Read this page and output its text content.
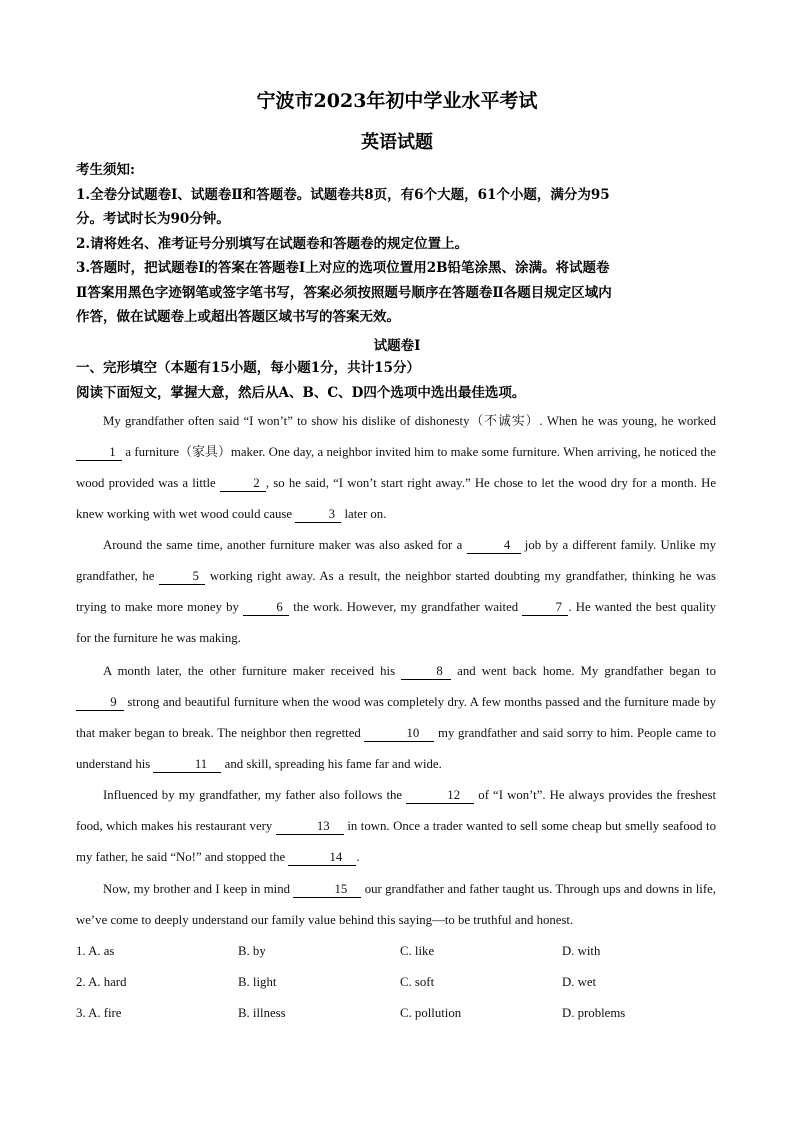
宁波市2023年初中学业水平考试
英语试题
考生须知:
1.全卷分试题卷Ⅰ、试题卷Ⅱ和答题卷。试题卷共8页，有6个大题，61个小题，满分为95
分。考试时长为90分钟。
2.请将姓名、准考证号分别填写在试题卷和答题卷的规定位置上。
3.答题时，把试题卷Ⅰ的答案在答题卷Ⅰ上对应的选项位置用2B铅笔涂黑、涂满。将试题卷
Ⅱ答案用黑色字迹钢笔或签字笔书写，答案必须按照题号顺序在答题卷Ⅱ各题目规定区域内
作答，做在试题卷上或超出答题区域书写的答案无效。
试题卷Ⅰ
一、完形填空（本题有15小题，每小题1分，共计15分）
阅读下面短文，掌握大意，然后从A、B、C、D四个选项中选出最佳选项。
My grandfather often said “I won’t” to show his dislike of dishonesty（不诚实）. When he was young, he worked 1 a furniture（家具）maker. One day, a neighbor invited him to make some furniture. When arriving, he noticed the wood provided was a little	2 , so he said, “I won’t start right away.” He chose to let the wood dry for a month. He knew working with wet wood could cause	3 later on.
Around the same time, another furniture maker was also asked for a	4 job by a different family. Unlike my grandfather, he	5 working right away. As a result, the neighbor started doubting my grandfather, thinking he was trying to make more money by	6 the work. However, my grandfather waited	7 . He wanted the best quality for the furniture he was making.
A month later, the other furniture maker received his	8 and went back home. My grandfather began to 9 strong and beautiful furniture when the wood was completely dry. A few months passed and the furniture made by that maker began to break. The neighbor then regretted	10 my grandfather and said sorry to him. People came to understand his	11 and skill, spreading his fame far and wide.
Influenced by my grandfather, my father also follows the	12 of “I won’t”. He always provides the freshest food, which makes his restaurant very	13 in town. Once a trader wanted to sell some cheap but smelly seafood to my father, he said “No!” and stopped the	14 .
Now, my brother and I keep in mind	15 our grandfather and father taught us. Through ups and downs in life, we’ve come to deeply understand our family value behind this saying—to be truthful and honest.
1. A. as	B. by	C. like	D. with
2. A. hard	B. light	C. soft	D. wet
3. A. fire	B. illness	C. pollution	D. problems
